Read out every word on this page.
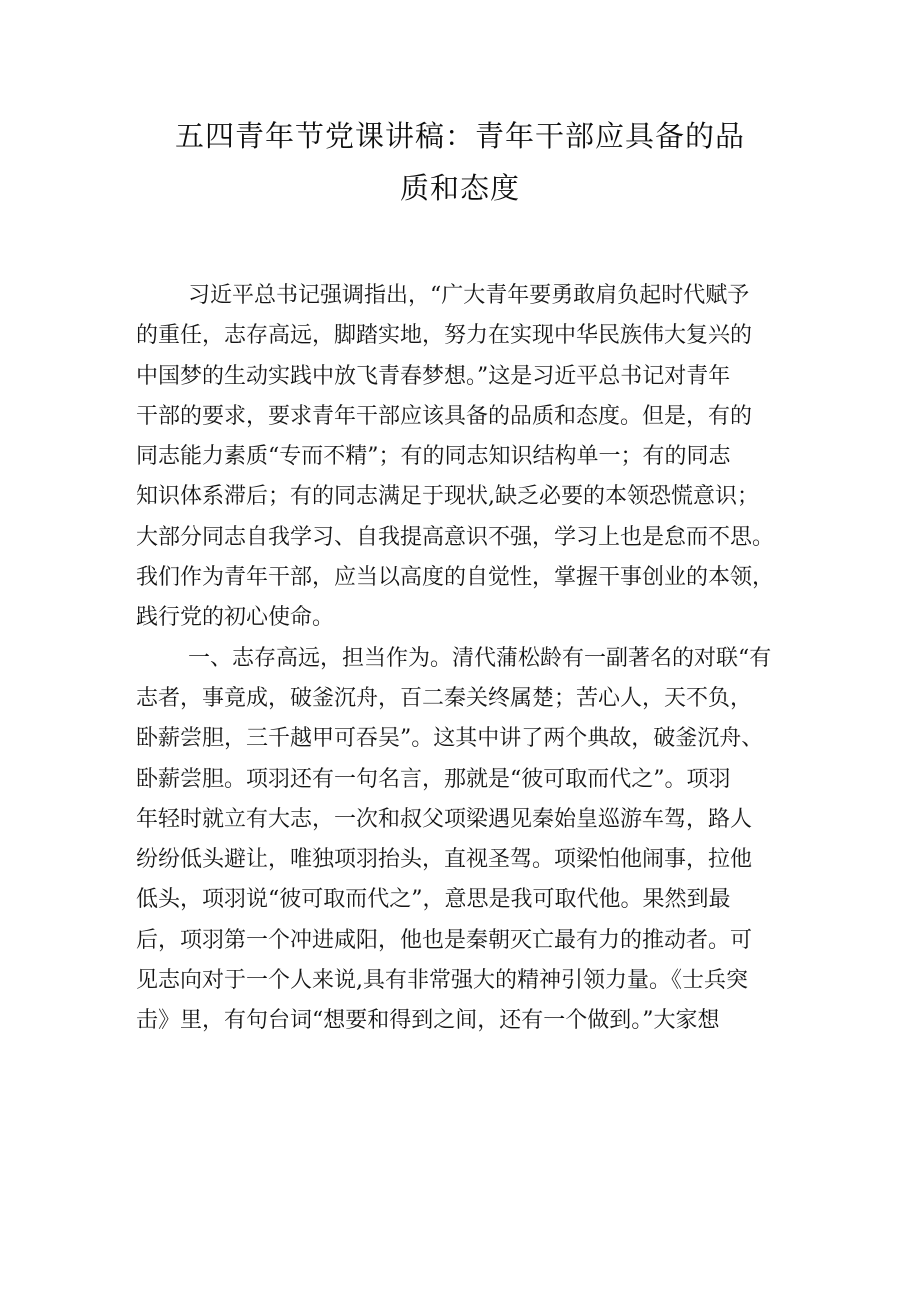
五四青年节党课讲稿：青年干部应具备的品
质和态度
习近平总书记强调指出，“广大青年要勇敢肩负起时代赋予
的重任，志存高远，脚踏实地，努力在实现中华民族伟大复兴的
中国梦的生动实践中放飞青春梦想。”这是习近平总书记对青年
干部的要求，要求青年干部应该具备的品质和态度。但是，有的
同志能力素质“专而不精”；有的同志知识结构单一；有的同志
知识体系滞后；有的同志满足于现状,缺乏必要的本领恐慌意识；
大部分同志自我学习、自我提高意识不强，学习上也是怠而不思。
我们作为青年干部，应当以高度的自觉性，掌握干事创业的本领，
践行党的初心使命。
一、志存高远，担当作为。清代蒲松龄有一副著名的对联“有
志者，事竟成，破釜沉舟，百二秦关终属楚；苦心人，天不负，
卧薪尝胆，三千越甲可吞吴”。这其中讲了两个典故，破釜沉舟、
卧薪尝胆。项羽还有一句名言，那就是“彼可取而代之”。项羽
年轻时就立有大志，一次和叔父项梁遇见秦始皇巡游车驾，路人
纷纷低头避让，唯独项羽抬头，直视圣驾。项梁怕他闹事，拉他
低头，项羽说“彼可取而代之”，意思是我可取代他。果然到最
后，项羽第一个冲进咸阳，他也是秦朝灭亡最有力的推动者。可
见志向对于一个人来说,具有非常强大的精神引领力量。《士兵突
击》里，有句台词“想要和得到之间，还有一个做到。”大家想
